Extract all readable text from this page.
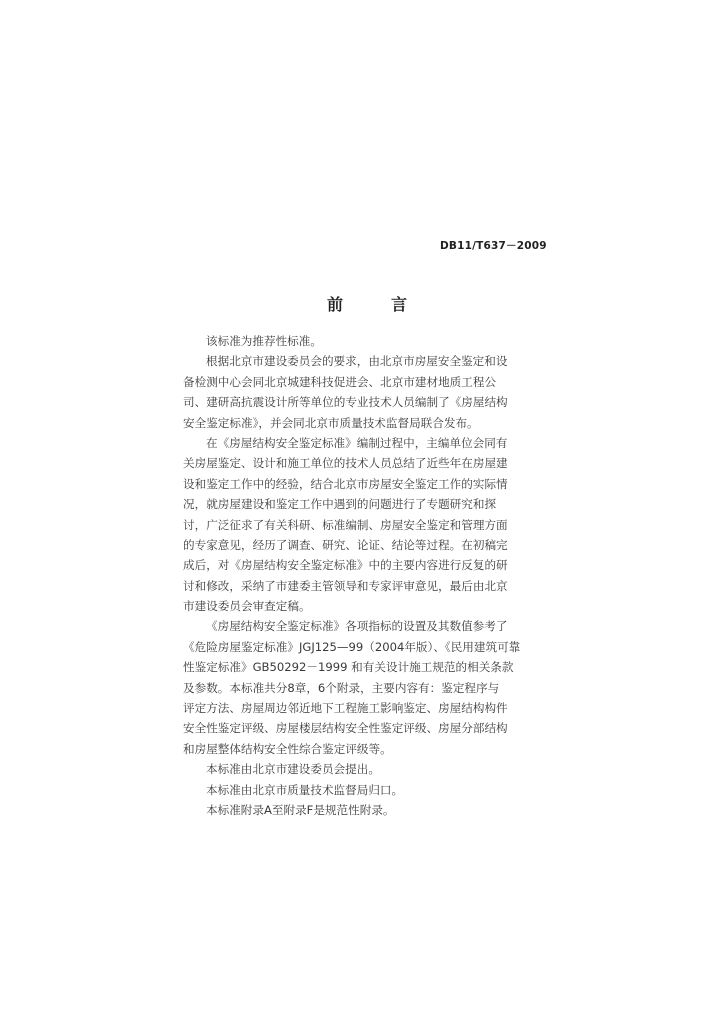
DB11/T637－2009
前	言
该标准为推荐性标准。
根据北京市建设委员会的要求，由北京市房屋安全鉴定和设
备检测中心会同北京城建科技促进会、北京市建材地质工程公
司、建研高抗震设计所等单位的专业技术人员编制了《房屋结构
安全鉴定标准》，并会同北京市质量技术监督局联合发布。
在《房屋结构安全鉴定标准》编制过程中，主编单位会同有
关房屋鉴定、设计和施工单位的技术人员总结了近些年在房屋建
设和鉴定工作中的经验，结合北京市房屋安全鉴定工作的实际情
况，就房屋建设和鉴定工作中遇到的问题进行了专题研究和探
讨，广泛征求了有关科研、标准编制、房屋安全鉴定和管理方面
的专家意见，经历了调查、研究、论证、结论等过程。在初稿完
成后，对《房屋结构安全鉴定标准》中的主要内容进行反复的研
讨和修改，采纳了市建委主管领导和专家评审意见，最后由北京
市建设委员会审查定稿。
《房屋结构安全鉴定标准》各项指标的设置及其数值参考了
《危险房屋鉴定标准》JGJ125—99（2004年版）、《民用建筑可靠
性鉴定标准》GB50292－1999 和有关设计施工规范的相关条款
及参数。本标准共分8章，6个附录，主要内容有：鉴定程序与
评定方法、房屋周边邻近地下工程施工影响鉴定、房屋结构构件
安全性鉴定评级、房屋楼层结构安全性鉴定评级、房屋分部结构
和房屋整体结构安全性综合鉴定评级等。
本标准由北京市建设委员会提出。
本标准由北京市质量技术监督局归口。
本标准附录A至附录F是规范性附录。
